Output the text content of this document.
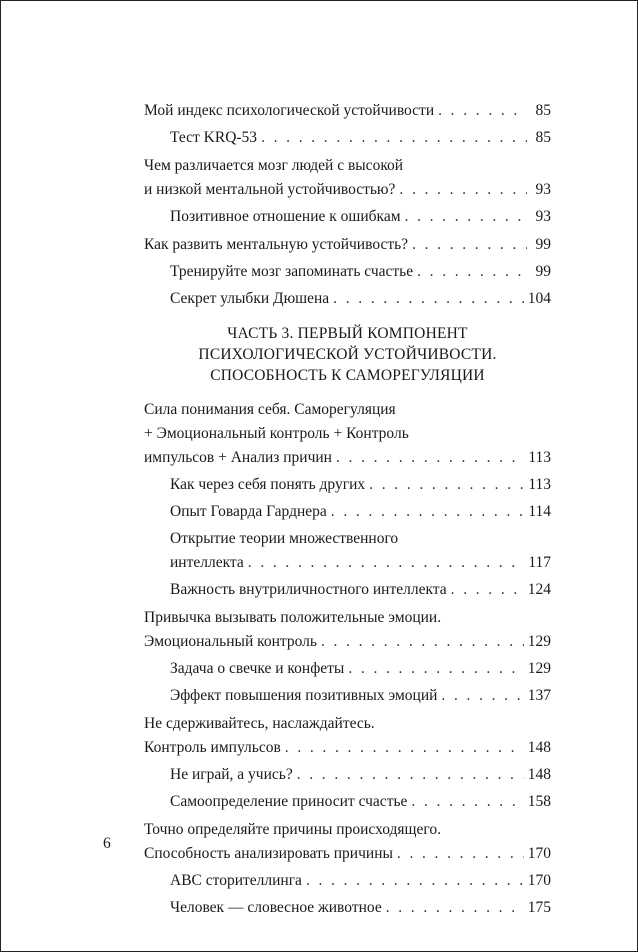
Мой индекс психологической устойчивости . . .	85
Тест KRQ-53 . . .	85
Чем различается мозг людей с высокой
и низкой ментальной устойчивостью? . . .	93
Позитивное отношение к ошибкам . . .	93
Как развить ментальную устойчивость? . . .	99
Тренируйте мозг запоминать счастье . . .	99
Секрет улыбки Дюшена . . .	104
ЧАСТЬ 3. ПЕРВЫЙ КОМПОНЕНТ
ПСИХОЛОГИЧЕСКОЙ УСТОЙЧИВОСТИ.
СПОСОБНОСТЬ К САМОРЕГУЛЯЦИИ
Сила понимания себя. Саморегуляция
+ Эмоциональный контроль + Контроль
импульсов + Анализ причин . . .	113
Как через себя понять других . . .	113
Опыт Говарда Гарднера . . .	114
Открытие теории множественного
интеллекта . . .	117
Важность внутриличностного интеллекта . . .	124
Привычка вызывать положительные эмоции.
Эмоциональный контроль . . .	129
Задача о свечке и конфеты . . .	129
Эффект повышения позитивных эмоций . . .	137
Не сдерживайтесь, наслаждайтесь.
Контроль импульсов . . .	148
Не играй, а учись? . . .	148
Самоопределение приносит счастье . . .	158
Точно определяйте причины происходящего.
Способность анализировать причины . . .	170
ABC сторителлинга . . .	170
Человек — словесное животное . . .	175
6
